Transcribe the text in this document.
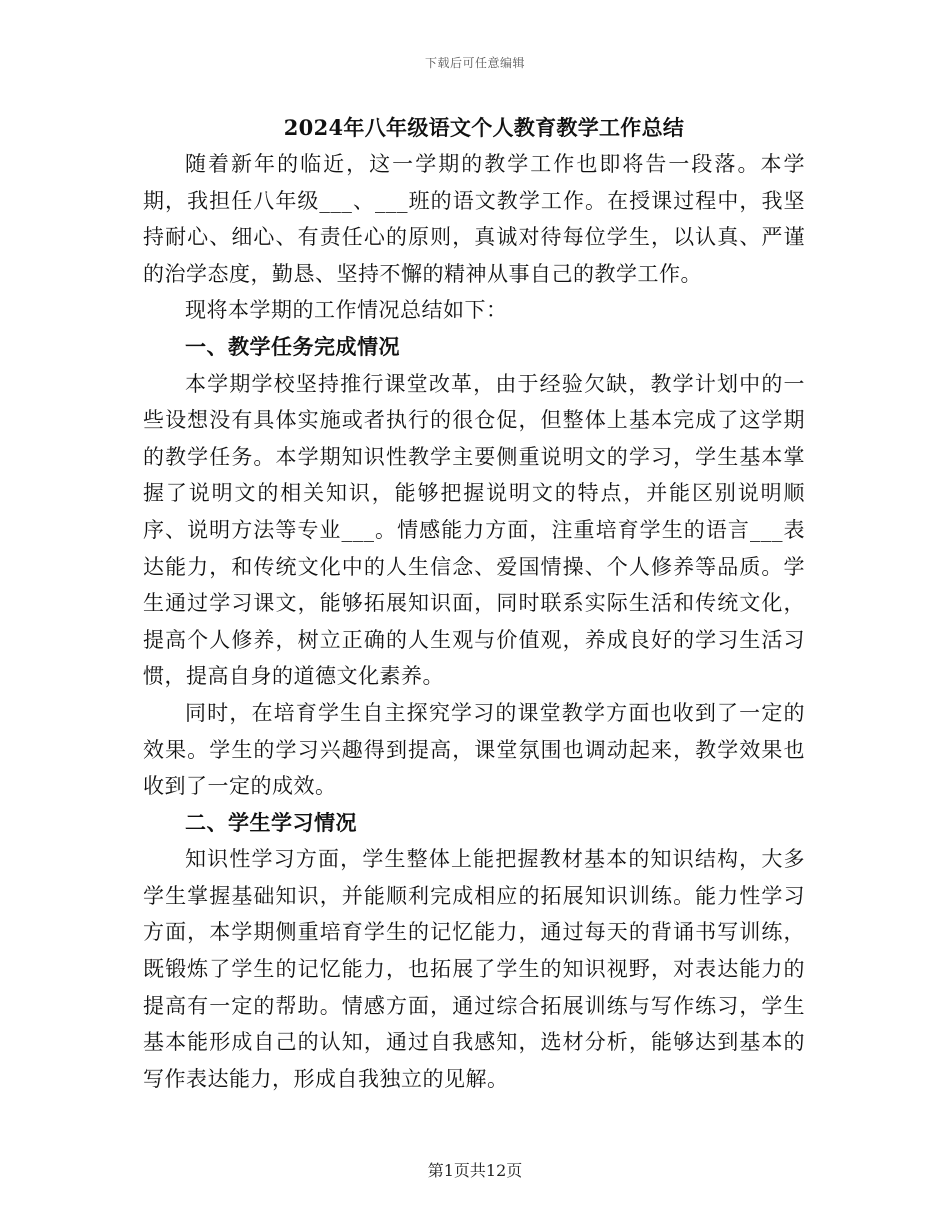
下载后可任意编辑
2024年八年级语文个人教育教学工作总结

随着新年的临近，这一学期的教学工作也即将告一段落。本学期，我担任八年级___、___班的语文教学工作。在授课过程中，我坚持耐心、细心、有责任心的原则，真诚对待每位学生，以认真、严谨的治学态度，勤恳、坚持不懈的精神从事自己的教学工作。

现将本学期的工作情况总结如下：

一、教学任务完成情况

本学期学校坚持推行课堂改革，由于经验欠缺，教学计划中的一些设想没有具体实施或者执行的很仓促，但整体上基本完成了这学期的教学任务。本学期知识性教学主要侧重说明文的学习，学生基本掌握了说明文的相关知识，能够把握说明文的特点，并能区别说明顺序、说明方法等专业___。情感能力方面，注重培育学生的语言___表达能力，和传统文化中的人生信念、爱国情操、个人修养等品质。学生通过学习课文，能够拓展知识面，同时联系实际生活和传统文化，提高个人修养，树立正确的人生观与价值观，养成良好的学习生活习惯，提高自身的道德文化素养。

同时，在培育学生自主探究学习的课堂教学方面也收到了一定的效果。学生的学习兴趣得到提高，课堂氛围也调动起来，教学效果也收到了一定的成效。

二、学生学习情况

知识性学习方面，学生整体上能把握教材基本的知识结构，大多学生掌握基础知识，并能顺利完成相应的拓展知识训练。能力性学习方面，本学期侧重培育学生的记忆能力，通过每天的背诵书写训练，既锻炼了学生的记忆能力，也拓展了学生的知识视野，对表达能力的提高有一定的帮助。情感方面，通过综合拓展训练与写作练习，学生基本能形成自己的认知，通过自我感知，选材分析，能够达到基本的写作表达能力，形成自我独立的见解。

第1页共12页
